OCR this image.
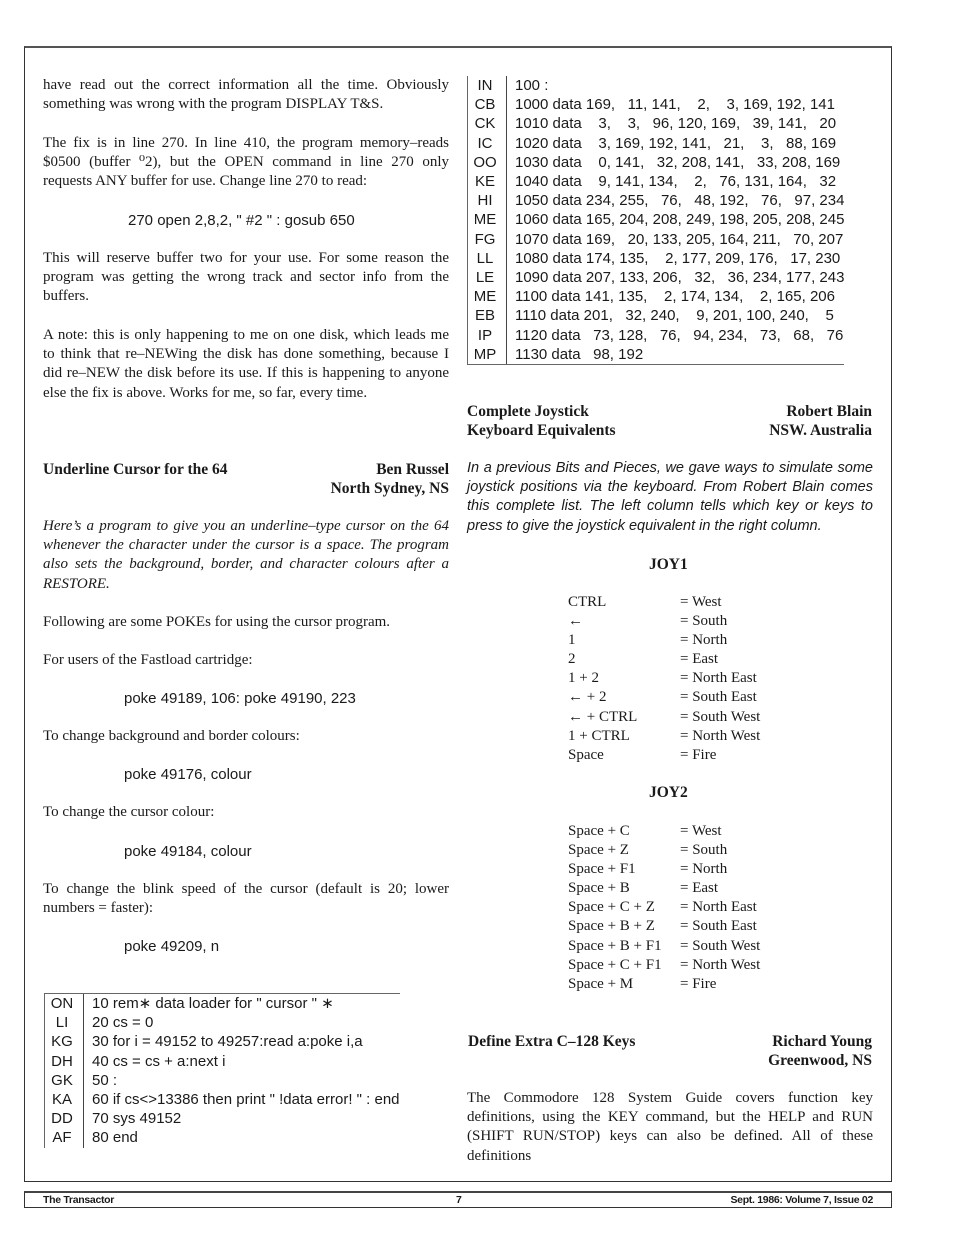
have read out the correct information all the time. Obviously something was wrong with the program DISPLAY T&S.

The fix is in line 270. In line 410, the program memory–reads $0500 (buffer ⁰2), but the OPEN command in line 270 only requests ANY buffer for use. Change line 270 to read:

270 open 2,8,2, " #2 " : gosub 650

This will reserve buffer two for your use. For some reason the program was getting the wrong track and sector info from the buffers.

A note: this is only happening to me on one disk, which leads me to think that re–NEWing the disk has done something, because I did re–NEW the disk before its use. If this is happening to anyone else the fix is above. Works for me, so far, every time.

Underline Cursor for the 64	Ben Russel
North Sydney, NS

Here’s a program to give you an underline–type cursor on the 64 whenever the character under the cursor is a space. The program also sets the background, border, and character colours after a RESTORE.

Following are some POKEs for using the cursor program.

For users of the Fastload cartridge:

poke 49189, 106: poke 49190, 223

To change background and border colours:

poke 49176, colour

To change the cursor colour:

poke 49184, colour

To change the blink speed of the cursor (default is 20; lower numbers = faster):

poke 49209, n
ON	10 rem∗ data loader for " cursor " ∗
LI	20 cs = 0
KG	30 for i = 49152 to 49257:read a:poke i,a
DH	40 cs = cs + a:next i
GK	50 :
KA	60 if cs<>13386 then print " !data error! " : end
DD	70 sys 49152
AF	80 end
IN	100 :
CB	1000 data 169,   11, 141,    2,    3, 169, 192, 141
CK	1010 data    3,    3,   96, 120, 169,   39, 141,   20
IC	1020 data    3, 169, 192, 141,   21,    3,   88, 169
OO	1030 data    0, 141,   32, 208, 141,   33, 208, 169
KE	1040 data    9, 141, 134,    2,   76, 131, 164,   32
HI	1050 data 234, 255,   76,   48, 192,   76,   97, 234
ME	1060 data 165, 204, 208, 249, 198, 205, 208, 245
FG	1070 data 169,   20, 133, 205, 164, 211,   70, 207
LL	1080 data 174, 135,    2, 177, 209, 176,   17, 230
LE	1090 data 207, 133, 206,   32,   36, 234, 177, 243
ME	1100 data 141, 135,    2, 174, 134,    2, 165, 206
EB	1110 data 201,   32, 240,    9, 201, 100, 240,    5
IP	1120 data   73, 128,   76,   94, 234,   73,   68,   76
MP	1130 data   98, 192
Complete Joystick
Keyboard Equivalents
Robert Blain
NSW. Australia

In a previous Bits and Pieces, we gave ways to simulate some joystick positions via the keyboard. From Robert Blain comes this complete list. The left column tells which key or keys to press to give the joystick equivalent in the right column.

JOY1
CTRL	= West
←	= South
1	= North
2	= East
1 + 2	= North East
← + 2	= South East
← + CTRL	= South West
1 + CTRL	= North West
Space	= Fire
JOY2
Space + C	= West
Space + Z	= South
Space + F1	= North
Space + B	= East
Space + C + Z	= North East
Space + B + Z	= South East
Space + B + F1	= South West
Space + C + F1	= North West
Space + M	= Fire
Define Extra C–128 Keys	Richard Young
Greenwood, NS

The Commodore 128 System Guide covers function key definitions, using the KEY command, but the HELP and RUN (SHIFT RUN/STOP) keys can also be defined. All of these definitions

The Transactor	7	Sept. 1986: Volume 7, Issue 02
